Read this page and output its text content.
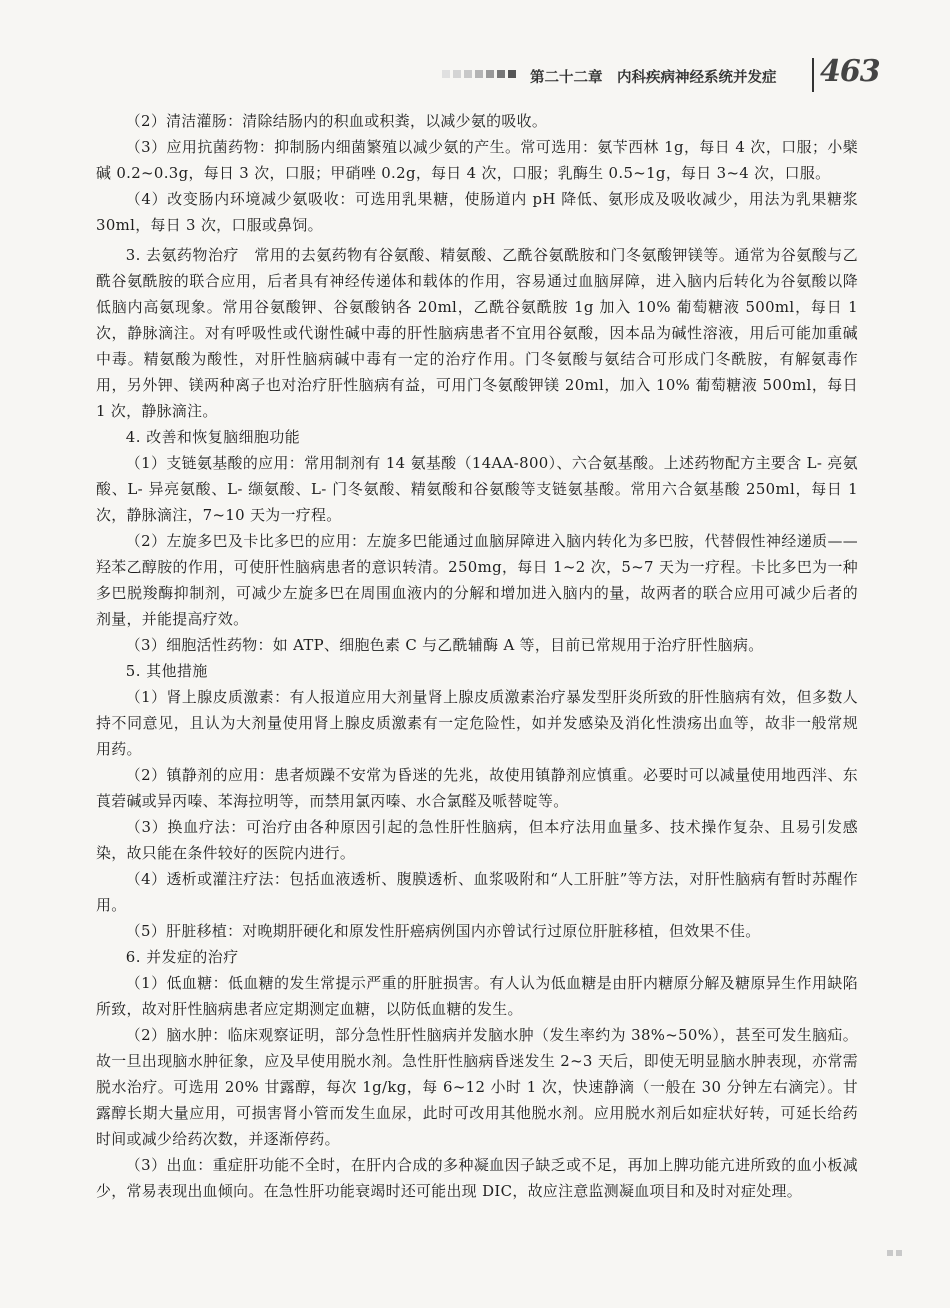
第二十二章　内科疾病神经系统并发症 463

（2）清洁灌肠：清除结肠内的积血或积粪，以减少氨的吸收。

（3）应用抗菌药物：抑制肠内细菌繁殖以减少氨的产生。常可选用：氨苄西林 1g，每日 4 次，口服；小檗碱 0.2~0.3g，每日 3 次，口服；甲硝唑 0.2g，每日 4 次，口服；乳酶生 0.5~1g，每日 3~4 次，口服。

（4）改变肠内环境减少氨吸收：可选用乳果糖，使肠道内 pH 降低、氨形成及吸收减少，用法为乳果糖浆 30ml，每日 3 次，口服或鼻饲。

3. 去氨药物治疗　常用的去氨药物有谷氨酸、精氨酸、乙酰谷氨酰胺和门冬氨酸钾镁等。通常为谷氨酸与乙酰谷氨酰胺的联合应用，后者具有神经传递体和载体的作用，容易通过血脑屏障，进入脑内后转化为谷氨酸以降低脑内高氨现象。常用谷氨酸钾、谷氨酸钠各 20ml，乙酰谷氨酰胺 1g 加入 10% 葡萄糖液 500ml，每日 1 次，静脉滴注。对有呼吸性或代谢性碱中毒的肝性脑病患者不宜用谷氨酸，因本品为碱性溶液，用后可能加重碱中毒。精氨酸为酸性，对肝性脑病碱中毒有一定的治疗作用。门冬氨酸与氨结合可形成门冬酰胺，有解氨毒作用，另外钾、镁两种离子也对治疗肝性脑病有益，可用门冬氨酸钾镁 20ml，加入 10% 葡萄糖液 500ml，每日 1 次，静脉滴注。

4. 改善和恢复脑细胞功能

（1）支链氨基酸的应用：常用制剂有 14 氨基酸（14AA-800）、六合氨基酸。上述药物配方主要含 L- 亮氨酸、L- 异亮氨酸、L- 缬氨酸、L- 门冬氨酸、精氨酸和谷氨酸等支链氨基酸。常用六合氨基酸 250ml，每日 1 次，静脉滴注，7~10 天为一疗程。

（2）左旋多巴及卡比多巴的应用：左旋多巴能通过血脑屏障进入脑内转化为多巴胺，代替假性神经递质——羟苯乙醇胺的作用，可使肝性脑病患者的意识转清。250mg，每日 1~2 次，5~7 天为一疗程。卡比多巴为一种多巴脱羧酶抑制剂，可减少左旋多巴在周围血液内的分解和增加进入脑内的量，故两者的联合应用可减少后者的剂量，并能提高疗效。

（3）细胞活性药物：如 ATP、细胞色素 C 与乙酰辅酶 A 等，目前已常规用于治疗肝性脑病。

5. 其他措施

（1）肾上腺皮质激素：有人报道应用大剂量肾上腺皮质激素治疗暴发型肝炎所致的肝性脑病有效，但多数人持不同意见，且认为大剂量使用肾上腺皮质激素有一定危险性，如并发感染及消化性溃疡出血等，故非一般常规用药。

（2）镇静剂的应用：患者烦躁不安常为昏迷的先兆，故使用镇静剂应慎重。必要时可以减量使用地西泮、东莨菪碱或异丙嗪、苯海拉明等，而禁用氯丙嗪、水合氯醛及哌替啶等。

（3）换血疗法：可治疗由各种原因引起的急性肝性脑病，但本疗法用血量多、技术操作复杂、且易引发感染，故只能在条件较好的医院内进行。

（4）透析或灌注疗法：包括血液透析、腹膜透析、血浆吸附和“人工肝脏”等方法，对肝性脑病有暂时苏醒作用。

（5）肝脏移植：对晚期肝硬化和原发性肝癌病例国内亦曾试行过原位肝脏移植，但效果不佳。

6. 并发症的治疗

（1）低血糖：低血糖的发生常提示严重的肝脏损害。有人认为低血糖是由肝内糖原分解及糖原异生作用缺陷所致，故对肝性脑病患者应定期测定血糖，以防低血糖的发生。

（2）脑水肿：临床观察证明，部分急性肝性脑病并发脑水肿（发生率约为 38%~50%），甚至可发生脑疝。故一旦出现脑水肿征象，应及早使用脱水剂。急性肝性脑病昏迷发生 2~3 天后，即使无明显脑水肿表现，亦常需脱水治疗。可选用 20% 甘露醇，每次 1g/kg，每 6~12 小时 1 次，快速静滴（一般在 30 分钟左右滴完）。甘露醇长期大量应用，可损害肾小管而发生血尿，此时可改用其他脱水剂。应用脱水剂后如症状好转，可延长给药时间或减少给药次数，并逐渐停药。

（3）出血：重症肝功能不全时，在肝内合成的多种凝血因子缺乏或不足，再加上脾功能亢进所致的血小板减少，常易表现出血倾向。在急性肝功能衰竭时还可能出现 DIC，故应注意监测凝血项目和及时对症处理。
